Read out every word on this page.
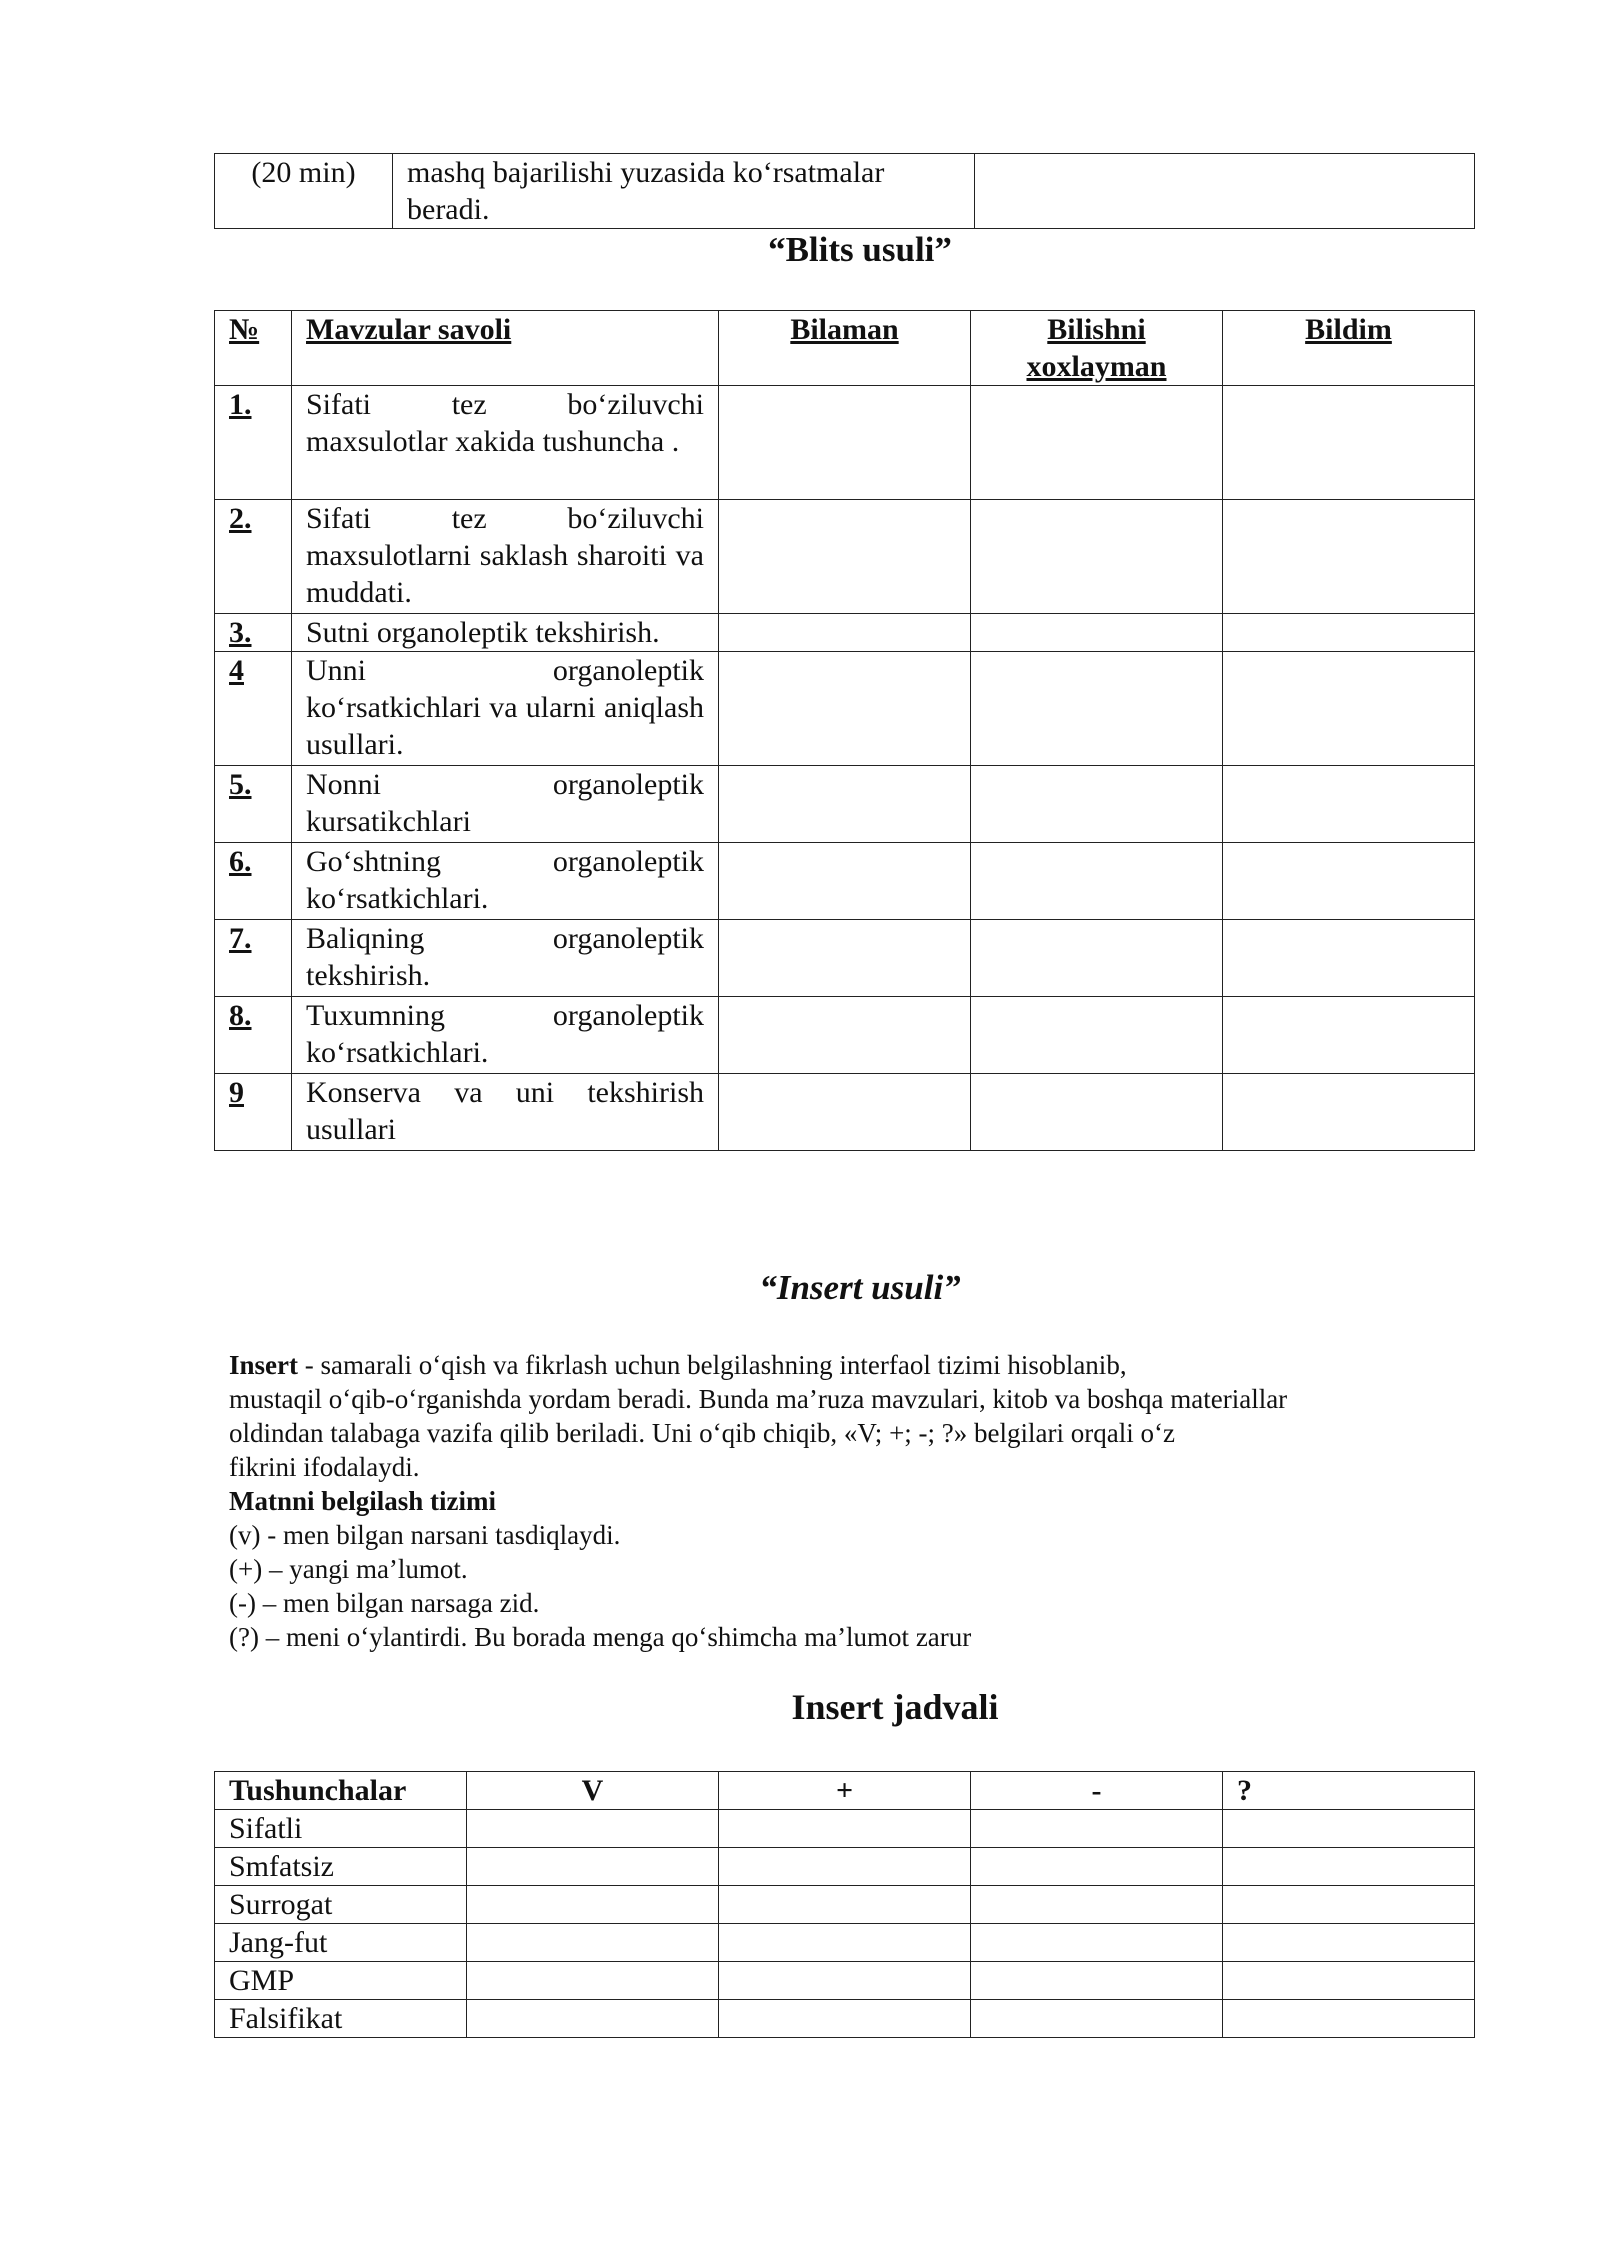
(20 min)	mashq bajarilishi yuzasida ko‘rsatmalar beradi.	
“Blits usuli”
№	Mavzular savoli	Bilaman	Bilishni xoxlayman	Bildim
1.	Sifati tez bo‘ziluvchi maxsulotlar xakida tushuncha .			
2.	Sifati tez bo‘ziluvchi maxsulotlarni saklash sharoiti va muddati.			
3.	Sutni organoleptik tekshirish.			
4	Unni organoleptik ko‘rsatkichlari va ularni aniqlash usullari.			
5.	Nonni organoleptik kursatikchlari			
6.	Go‘shtning organoleptik ko‘rsatkichlari.			
7.	Baliqning organoleptik tekshirish.			
8.	Tuxumning organoleptik ko‘rsatkichlari.			
9	Konserva va uni tekshirish usullari			
“Insert usuli”

Insert - samarali o‘qish va fikrlash uchun belgilashning interfaol tizimi hisoblanib,

mustaqil o‘qib-o‘rganishda yordam beradi. Bunda ma’ruza mavzulari, kitob va boshqa materiallar

oldindan talabaga vazifa qilib beriladi. Uni o‘qib chiqib, «V; +; -; ?» belgilari orqali o‘z

fikrini ifodalaydi.

Matnni belgilash tizimi

(v) - men bilgan narsani tasdiqlaydi.

(+) – yangi ma’lumot.

(-) – men bilgan narsaga zid.

(?) – meni o‘ylantirdi. Bu borada menga qo‘shimcha ma’lumot zarur

Insert jadvali
Tushunchalar	V	+	-	?
Sifatli				
Smfatsiz				
Surrogat				
Jang-fut				
GMP				
Falsifikat				
